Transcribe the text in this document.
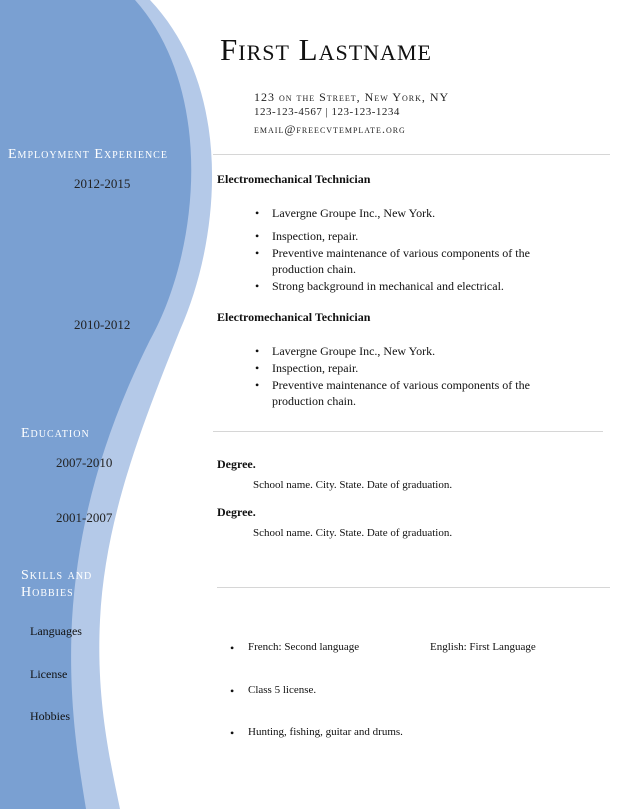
First Lastname
123 on the Street, New York, NY
123-123-4567 | 123-123-1234
email@freecvtemplate.org
Employment Experience
2012-2015
2010-2012
Education
2007-2010
2001-2007
Skills and
Hobbies
Languages
License
Hobbies
Electromechanical Technician
• Lavergne Groupe Inc., New York.
• Inspection, repair.
• Preventive maintenance of various components of the production chain.
• Strong background in mechanical and electrical.
Electromechanical Technician
• Lavergne Groupe Inc., New York.
• Inspection, repair.
• Preventive maintenance of various components of the production chain.
Degree.
School name. City. State. Date of graduation.
Degree.
School name. City. State. Date of graduation.
• French: Second language	English: First Language
• Class 5 license.
• Hunting, fishing, guitar and drums.
